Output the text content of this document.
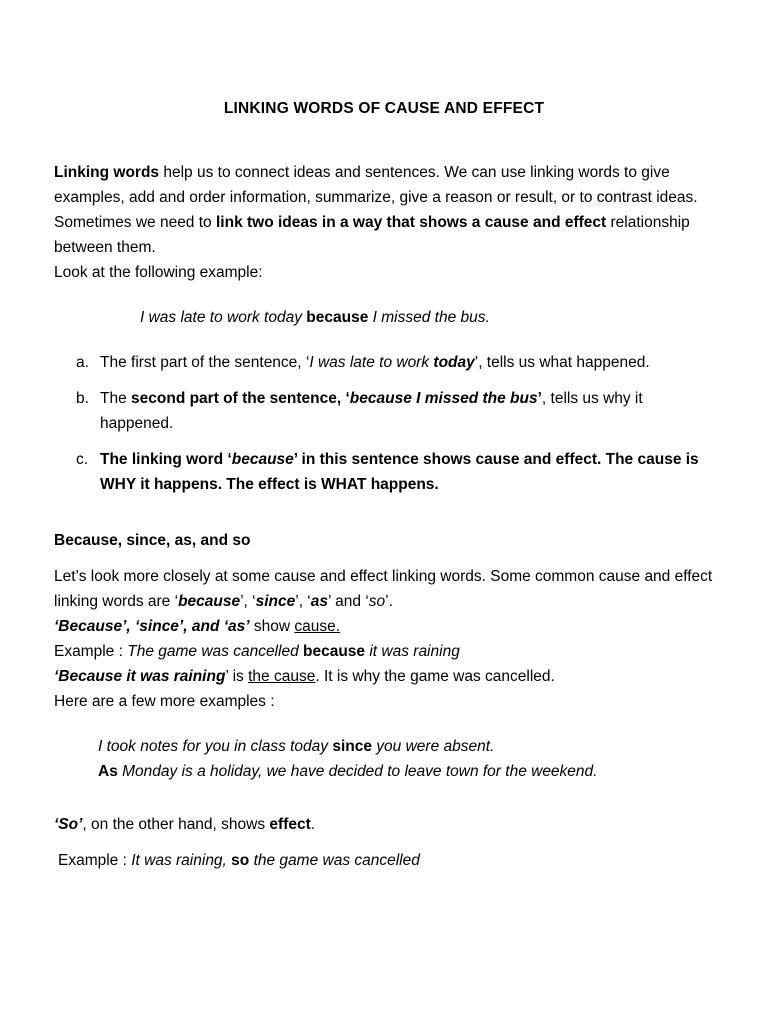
LINKING WORDS OF CAUSE AND EFFECT

Linking words help us to connect ideas and sentences. We can use linking words to give examples, add and order information, summarize, give a reason or result, or to contrast ideas.

Sometimes we need to link two ideas in a way that shows a cause and effect relationship between them.

Look at the following example:

I was late to work today because I missed the bus.
a. The first part of the sentence, ‘I was late to work today’, tells us what happened.
b. The second part of the sentence, ‘because I missed the bus’, tells us why it happened.
c. The linking word ‘because’ in this sentence shows cause and effect. The cause is WHY it happens. The effect is WHAT happens.

Because, since, as, and so

Let’s look more closely at some cause and effect linking words. Some common cause and effect linking words are ‘because’, ‘since’, ‘as’ and ‘so’.

‘Because’, ‘since’, and ‘as’ show cause.

Example : The game was cancelled because it was raining

‘Because it was raining’ is the cause. It is why the game was cancelled.

Here are a few more examples :

I took notes for you in class today since you were absent.

As Monday is a holiday, we have decided to leave town for the weekend.

‘So’, on the other hand, shows effect.

Example : It was raining, so the game was cancelled
